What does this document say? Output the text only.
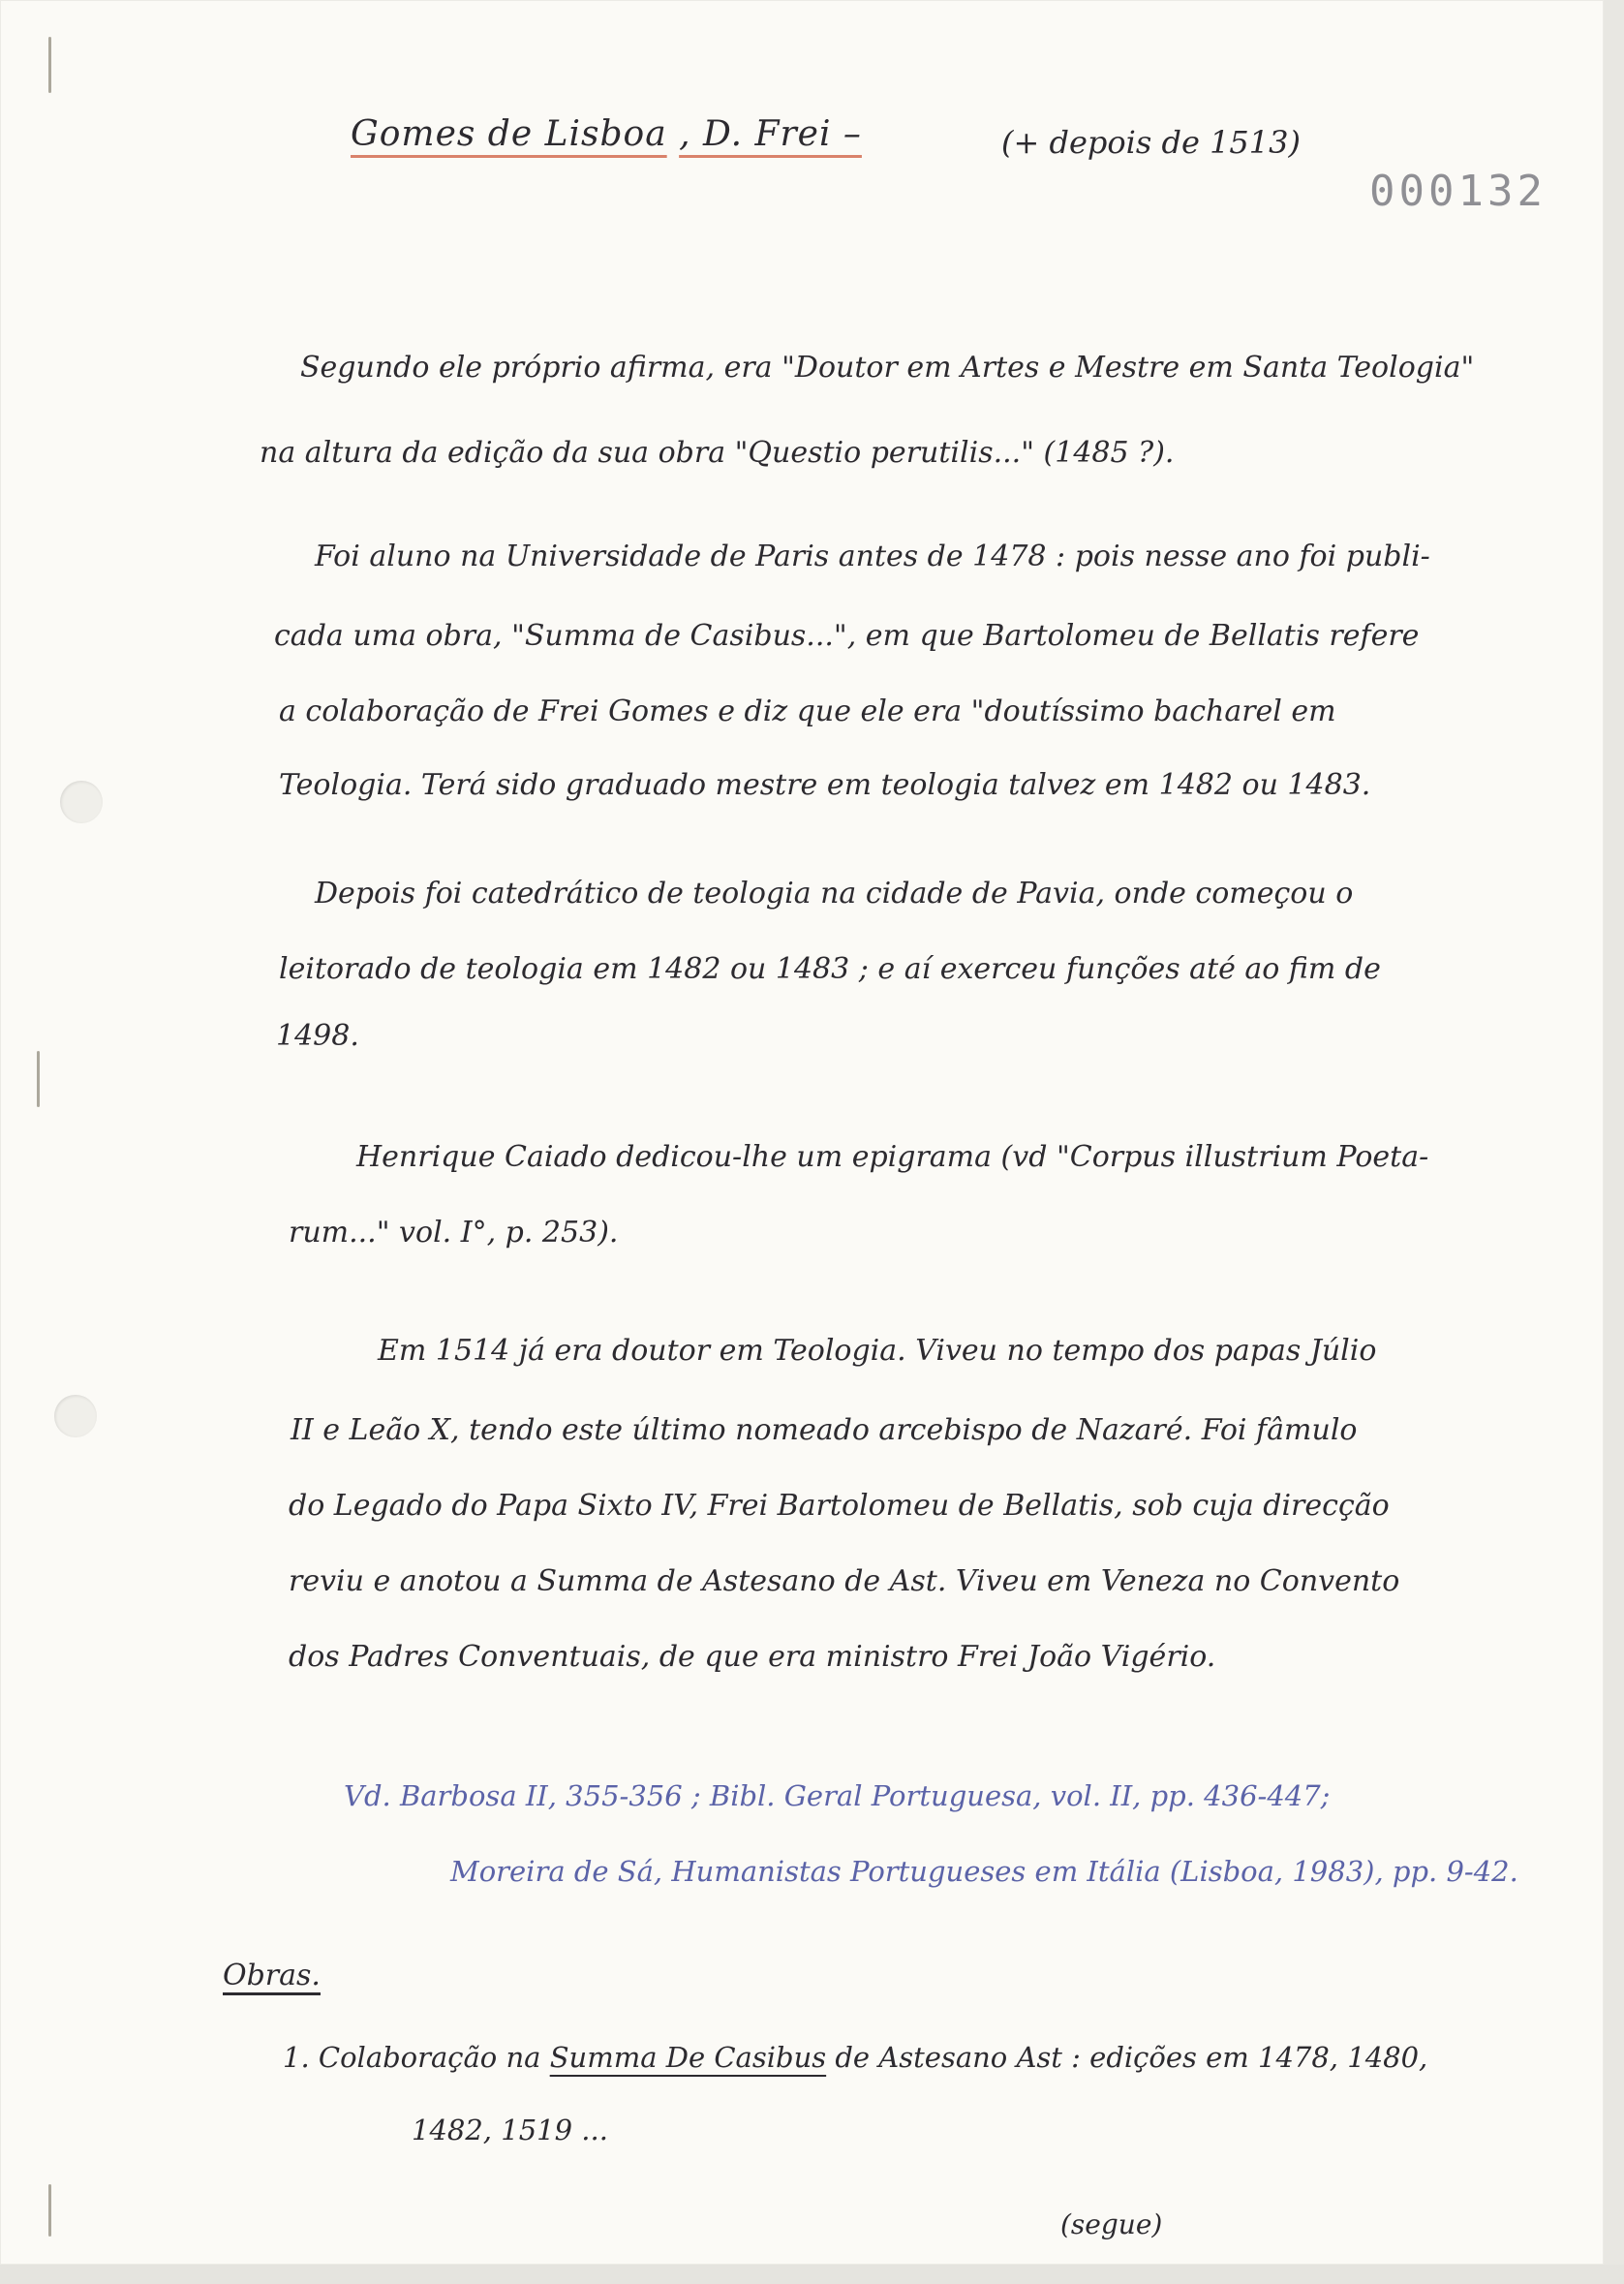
Gomes de Lisboa , D. Frei –	(+ depois de 1513)
000132
Segundo ele próprio afirma, era "Doutor em Artes e Mestre em Santa Teologia"
na altura da edição da sua obra "Questio perutilis..." (1485 ?).
Foi aluno na Universidade de Paris antes de 1478 : pois nesse ano foi publi-
cada uma obra, "Summa de Casibus...", em que Bartolomeu de Bellatis refere
a colaboração de Frei Gomes e diz que ele era "doutíssimo bacharel em
Teologia. Terá sido graduado mestre em teologia talvez em 1482 ou 1483.
Depois foi catedrático de teologia na cidade de Pavia, onde começou o
leitorado de teologia em 1482 ou 1483 ; e aí exerceu funções até ao fim de
1498.
Henrique Caiado dedicou-lhe um epigrama (vd "Corpus illustrium Poeta-
rum..." vol. I°, p. 253).
Em 1514 já era doutor em Teologia. Viveu no tempo dos papas Júlio
II e Leão X, tendo este último nomeado arcebispo de Nazaré. Foi fâmulo
do Legado do Papa Sixto IV, Frei Bartolomeu de Bellatis, sob cuja direcção
reviu e anotou a Summa de Astesano de Ast. Viveu em Veneza no Convento
dos Padres Conventuais, de que era ministro Frei João Vigério.
Vd. Barbosa II, 355-356 ; Bibl. Geral Portuguesa, vol. II, pp. 436-447;
Moreira de Sá, Humanistas Portugueses em Itália (Lisboa, 1983), pp. 9-42.
Obras.
1. Colaboração na Summa De Casibus de Astesano Ast : edições em 1478, 1480,
1482, 1519 ...
(segue)
